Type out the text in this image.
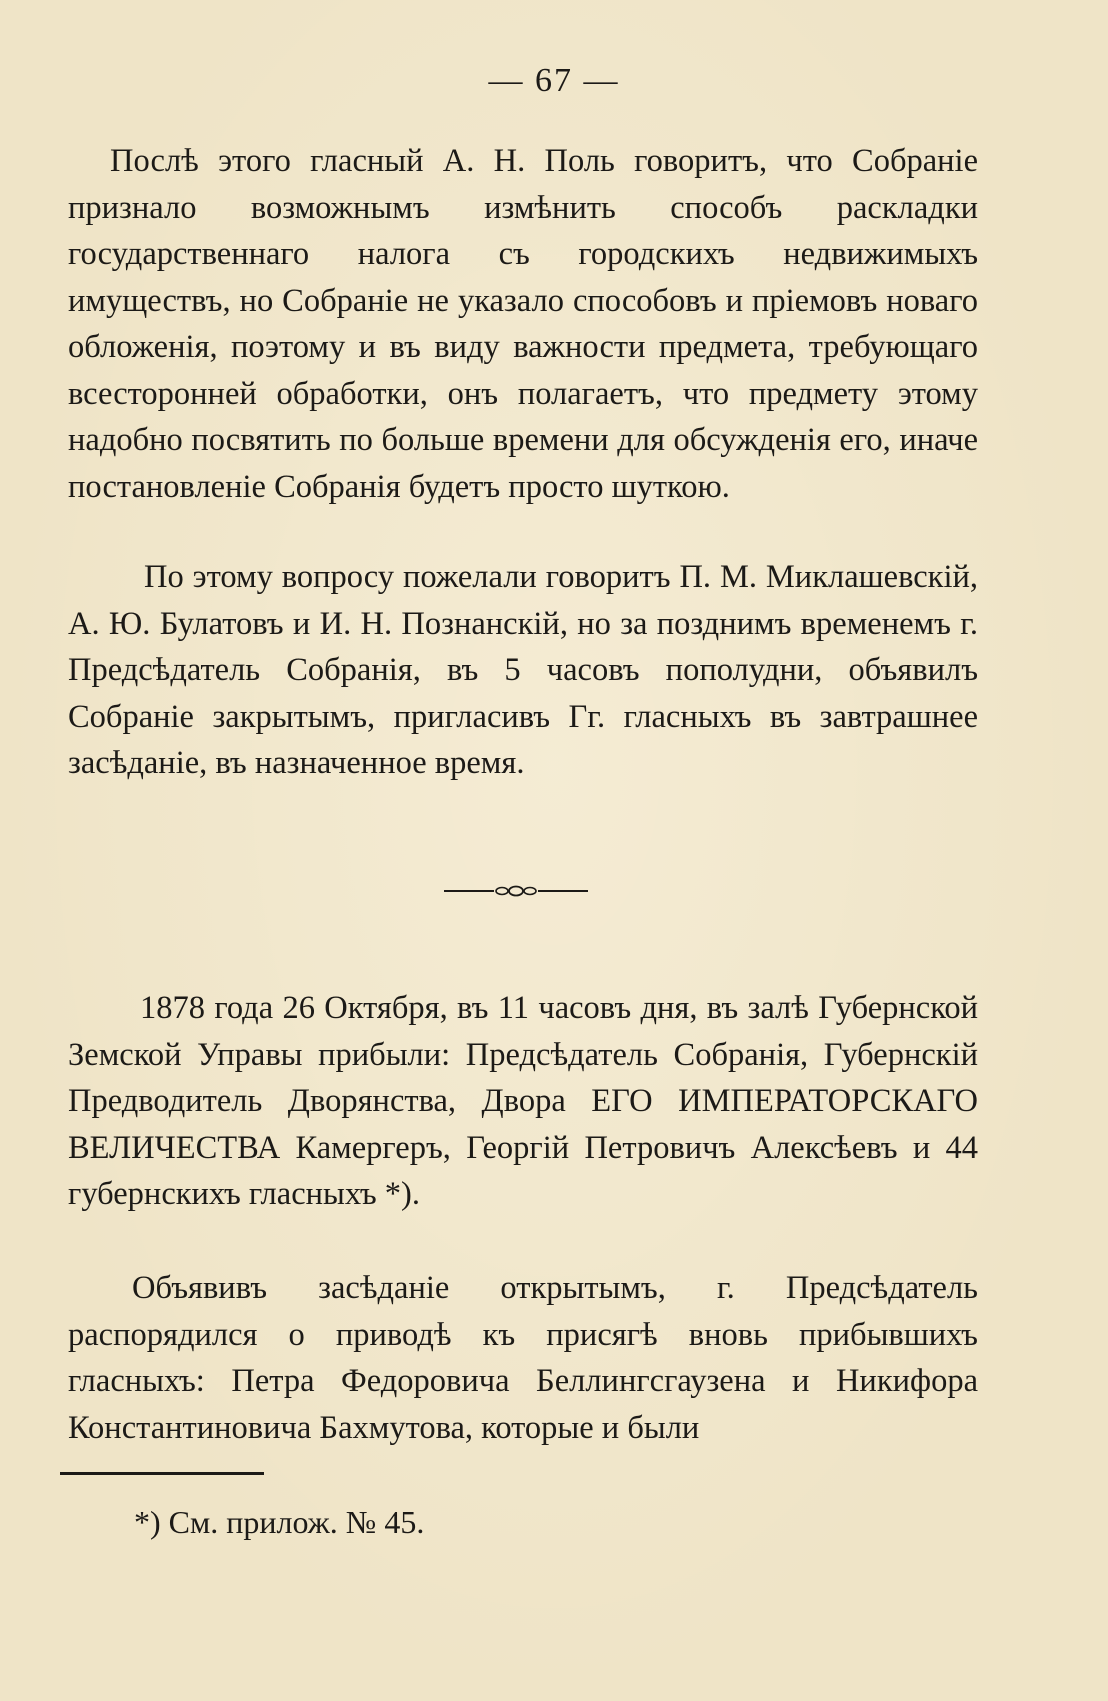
— 67 —

Послѣ этого гласный А. Н. Поль говоритъ, что Собраніе признало возможнымъ измѣнить способъ раскладки государственнаго налога съ городскихъ недвижимыхъ имуществъ, но Собраніе не указало способовъ и пріемовъ новаго обложенія, поэтому и въ виду важности предмета, требующаго всесторонней обработки, онъ полагаетъ, что предмету этому надобно посвятить по больше времени для обсужденія его, иначе постановленіе Собранія будетъ просто шуткою.

По этому вопросу пожелали говоритъ П. М. Миклашевскій, А. Ю. Булатовъ и И. Н. Познанскій, но за позднимъ временемъ г. Предсѣдатель Собранія, въ 5 часовъ пополудни, объявилъ Собраніе закрытымъ, пригласивъ Гг. гласныхъ въ завтрашнее засѣданіе, въ назначенное время.

1878 года 26 Октября, въ 11 часовъ дня, въ залѣ Губернской Земской Управы прибыли: Предсѣдатель Собранія, Губернскій Предводитель Дворянства, Двора ЕГО ИМПЕРАТОРСКАГО ВЕЛИЧЕСТВА Камергеръ, Георгій Петровичъ Алексѣевъ и 44 губернскихъ гласныхъ *).

Объявивъ засѣданіе открытымъ, г. Предсѣдатель распорядился о приводѣ къ присягѣ вновь прибывшихъ гласныхъ: Петра Федоровича Беллингсгаузена и Никифора Константиновича Бахмутова, которые и были

*) См. прилож. № 45.
